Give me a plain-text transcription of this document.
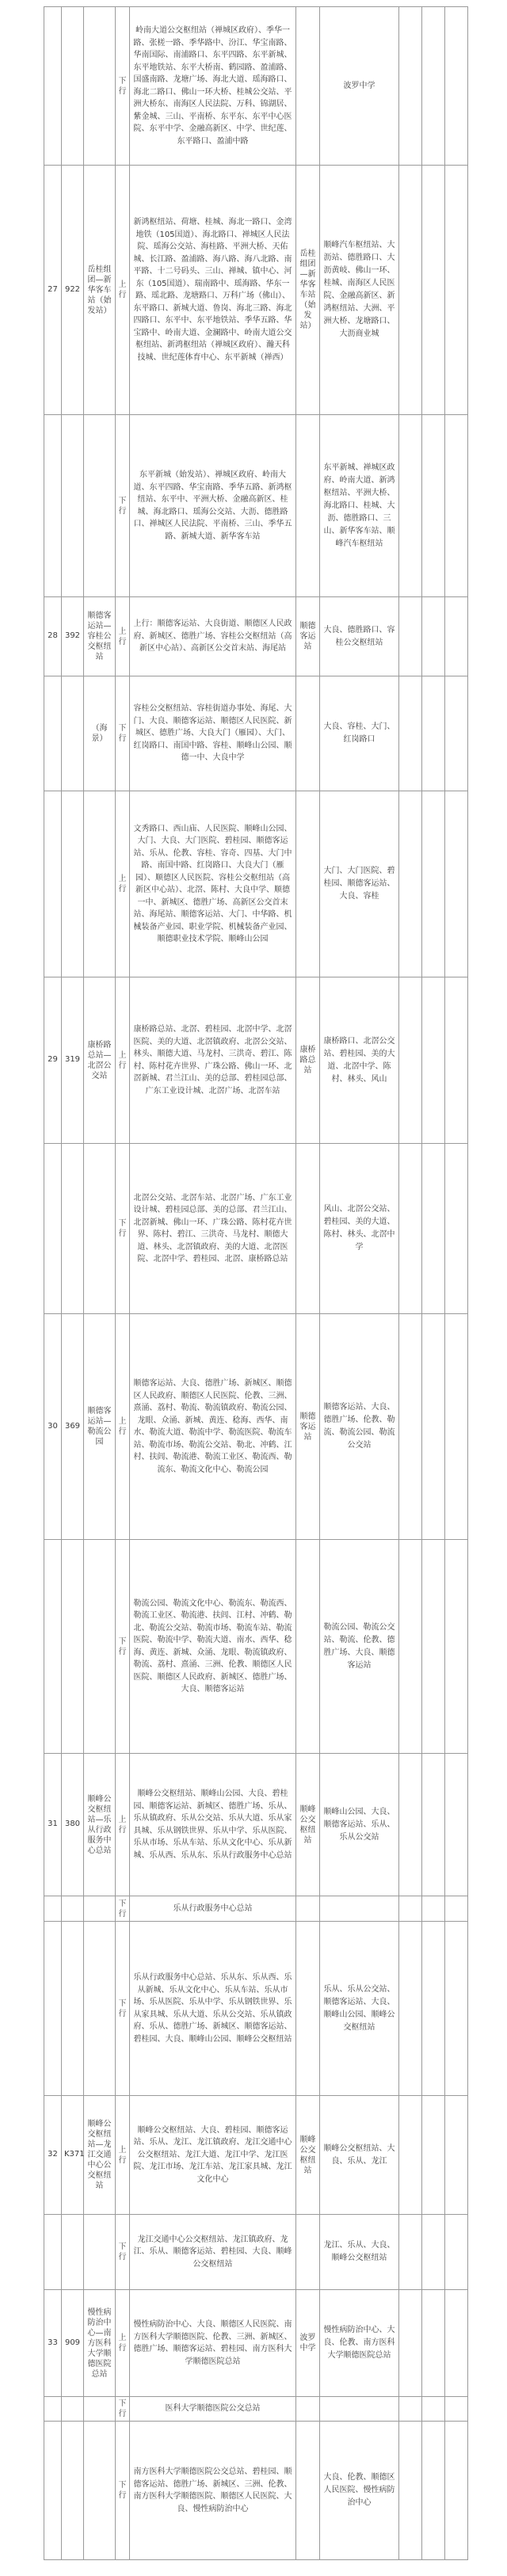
			下行	岭南大道公交枢纽站（禅城区政府）、季华一路、张槎一路、季华路中、汾江、华宝南路、华南国际、南浦路口、东平四路、东平新城、东平地铁站、东平大桥南、鹤园路、盈浦路、国盛南路、龙塘广场、海北大道、瑶海路口、海北二路口、佛山一环大桥、桂城公交站、平洲大桥东、南海区人民法院、万科、锦湖居、紫金城、三山、平南桥、东平东、东平中心医院、东平中学、金融高新区、中学、世纪莲、东平路口、盈浦中路		波罗中学			
27	922	岳桂组团—新华客车站（始发站）	上行	新鸿枢纽站、荷塘、桂城、海北一路口、金湾地铁（105国道）、海北路口、禅城区人民法院、瑶海公交站、海桂路、平洲大桥、天佑城、长江路、盈浦路、海八路、海八北路、南平路、十二号码头、三山、禅城、镇中心、河东（105国道）、瑞南路中、瑶海路、华东一路、瑶北路、龙塘路口、万科广场（佛山）、东平路口、新城大道、鲁岗、海北三路、海北四路口、东平中、东平地铁站、季华五路、华宝路中、岭南大道、金澜路中、岭南大道公交枢纽站、新鸿枢纽站（禅城区政府）、瀚天科技城、世纪莲体育中心、东平新城（禅西）	岳桂组团—新华客车站（始发站）	顺峰汽车枢纽站、大沥站、德胜路口、大沥黄岐、佛山一环、桂城、南海区人民医院、金融高新区、新鸿枢纽站、大洲、平洲大桥、龙塘路口、大沥商业城			
			下行	东平新城（始发站）、禅城区政府、岭南大道、东平四路、华宝南路、季华五路、新鸿枢纽站、东平中、平洲大桥、金融高新区、桂城、海北路口、瑶海公交站、大沥、德胜路口、禅城区人民法院、平南桥、三山、季华五路、新城大道、新华客车站		东平新城、禅城区政府、岭南大道、新鸿枢纽站、平洲大桥、海北路口、桂城、大沥、德胜路口、三山、新华客车站、顺峰汽车枢纽站			
28	392	顺德客运站—容桂公交枢纽站	上行	上行：顺德客运站、大良街道、顺德区人民政府、新城区、德胜广场、容桂公交枢纽站（高新区中心站）、高新区公交首末站、海尾站	顺德客运站	大良、德胜路口、容桂公交枢纽站			
		（海景）	下行	容桂公交枢纽站、容桂街道办事处、海尾、大门、大良、顺德客运站、顺德区人民医院、新城区、德胜广场、大良大门（雁园）、大门、红岗路口、南国中路、容桂、顺峰山公园、顺德一中、大良中学		大良、容桂、大门、红岗路口			
			上行	文秀路口、西山庙、人民医院、顺峰山公园、大门、大良、大门医院、碧桂园、顺德客运站、乐从、伦教、容桂、容奇、四基、大门中路、南国中路、红岗路口、大良大门（雁园）、顺德区人民医院、容桂公交枢纽站（高新区中心站）、北滘、陈村、大良中学、顺德一中、新城区、德胜广场、高新区公交首末站、海尾站、顺德客运站、大门、中华路、机械装备产业园、职业学院、机械装备产业园、顺德职业技术学院、顺峰山公园		大门、大门医院、碧桂园、顺德客运站、大良、容桂			
29	319	康桥路总站—北滘公交站	上行	康桥路总站、北滘、碧桂园、北滘中学、北滘医院、美的大道、北滘镇政府、北滘公交站、林头、顺德大道、马龙村、三洪奇、碧江、陈村、陈村花卉世界、广珠公路、佛山一环、北滘新城、君兰江山、美的总部、碧桂园总部、广东工业设计城、北滘广场、北滘车站	康桥路总站	康桥路口、北滘公交站、碧桂园、美的大道、北滘中学、陈村、林头、风山			
			下行	北滘公交站、北滘车站、北滘广场、广东工业设计城、碧桂园总部、美的总部、君兰江山、北滘新城、佛山一环、广珠公路、陈村花卉世界、陈村、碧江、三洪奇、马龙村、顺德大道、林头、北滘镇政府、美的大道、北滘医院、北滘中学、碧桂园、北滘、康桥路总站		风山、北滘公交站、碧桂园、美的大道、陈村、林头、北滘中学			
30	369	顺德客运站—勒流公园	上行	顺德客运站、大良、德胜广场、新城区、顺德区人民政府、顺德区人民医院、伦教、三洲、熹涌、荔村、勒流、勒流镇政府、勒流公园、龙眼、众涌、新城、黄连、稔海、西华、南水、勒流大道、勒流中学、勒流医院、勒流车站、勒流市场、勒流公交站、勒北、冲鹤、江村、扶闾、勒流港、勒流工业区、勒流西、勒流东、勒流文化中心、勒流公园	顺德客运站	顺德客运站、大良、德胜广场、伦教、勒流、勒流公园、勒流公交站			
			下行	勒流公园、勒流文化中心、勒流东、勒流西、勒流工业区、勒流港、扶闾、江村、冲鹤、勒北、勒流公交站、勒流市场、勒流车站、勒流医院、勒流中学、勒流大道、南水、西华、稔海、黄连、新城、众涌、龙眼、勒流镇政府、勒流、荔村、熹涌、三洲、伦教、顺德区人民医院、顺德区人民政府、新城区、德胜广场、大良、顺德客运站		勒流公园、勒流公交站、勒流、伦教、德胜广场、大良、顺德客运站			
31	380	顺峰公交枢纽站—乐从行政服务中心总站	上行	顺峰公交枢纽站、顺峰山公园、大良、碧桂园、顺德客运站、新城区、德胜广场、乐从、乐从镇政府、乐从公交站、乐从大道、乐从家具城、乐从钢铁世界、乐从中学、乐从医院、乐从市场、乐从车站、乐从文化中心、乐从新城、乐从西、乐从东、乐从行政服务中心总站	顺峰公交枢纽站	顺峰山公园、大良、顺德客运站、乐从、乐从公交站			
			下行	乐从行政服务中心总站					
			下行	乐从行政服务中心总站、乐从东、乐从西、乐从新城、乐从文化中心、乐从车站、乐从市场、乐从医院、乐从中学、乐从钢铁世界、乐从家具城、乐从大道、乐从公交站、乐从镇政府、乐从、德胜广场、新城区、顺德客运站、碧桂园、大良、顺峰山公园、顺峰公交枢纽站		乐从、乐从公交站、顺德客运站、大良、顺峰山公园、顺峰公交枢纽站			
32	K371	顺峰公交枢纽站—龙江交通中心公交枢纽站	上行	顺峰公交枢纽站、大良、碧桂园、顺德客运站、乐从、龙江、龙江镇政府、龙江交通中心公交枢纽站、龙江大道、龙江中学、龙江医院、龙江市场、龙江车站、龙江家具城、龙江文化中心	顺峰公交枢纽站	顺峰公交枢纽站、大良、乐从、龙江			
			下行	龙江交通中心公交枢纽站、龙江镇政府、龙江、乐从、顺德客运站、碧桂园、大良、顺峰公交枢纽站		龙江、乐从、大良、顺峰公交枢纽站			
33	909	慢性病防治中心—南方医科大学顺德医院总站	上行	慢性病防治中心、大良、顺德区人民医院、南方医科大学顺德医院、伦教、三洲、新城区、德胜广场、顺德客运站、碧桂园、南方医科大学顺德医院总站	波罗中学	慢性病防治中心、大良、伦教、南方医科大学顺德医院总站			
			下行	医科大学顺德医院公交总站					
			下行	南方医科大学顺德医院公交总站、碧桂园、顺德客运站、德胜广场、新城区、三洲、伦教、南方医科大学顺德医院、顺德区人民医院、大良、慢性病防治中心		大良、伦教、顺德区人民医院、慢性病防治中心			
